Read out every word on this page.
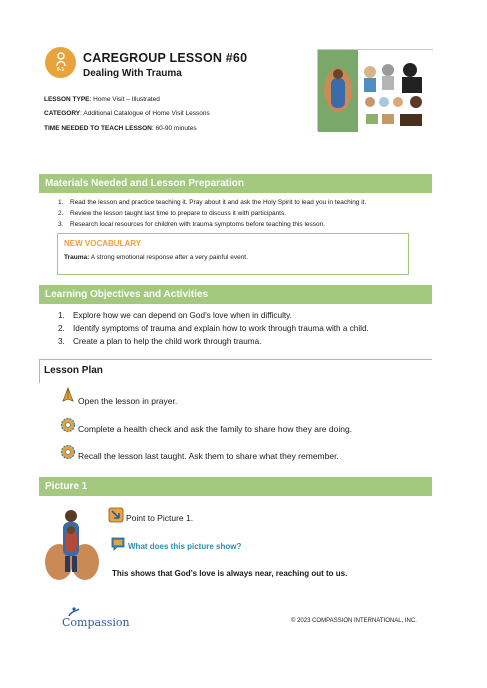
0-1
CAREGROUP LESSON #60
Dealing With Trauma
Compassion
LESSON TYPE: Home Visit – Illustrated
CATEGORY: Additional Catalogue of Home Visit Lessons
TIME NEEDED TO TEACH LESSON: 60-90 minutes
Materials Needed and Lesson Preparation
1. Read the lesson and practice teaching it. Pray about it and ask the Holy Spirit to lead you in teaching it.
2. Review the lesson taught last time to prepare to discuss it with participants.
3. Research local resources for children with trauma symptoms before teaching this lesson.
NEW VOCABULARY
Trauma: A strong emotional response after a very painful event.
Learning Objectives and Activities
1. Explore how we can depend on God’s love when in difficulty.
2. Identify symptoms of trauma and explain how to work through trauma with a child.
3. Create a plan to help the child work through trauma.
Lesson Plan
Open the lesson in prayer.
Complete a health check and ask the family to share how they are doing.
Recall the lesson last taught. Ask them to share what they remember.
Picture 1
Point to Picture 1.
What does this picture show?
This shows that God’s love is always near, reaching out to us.
Compassion	© 2023 COMPASSION INTERNATIONAL, INC.
